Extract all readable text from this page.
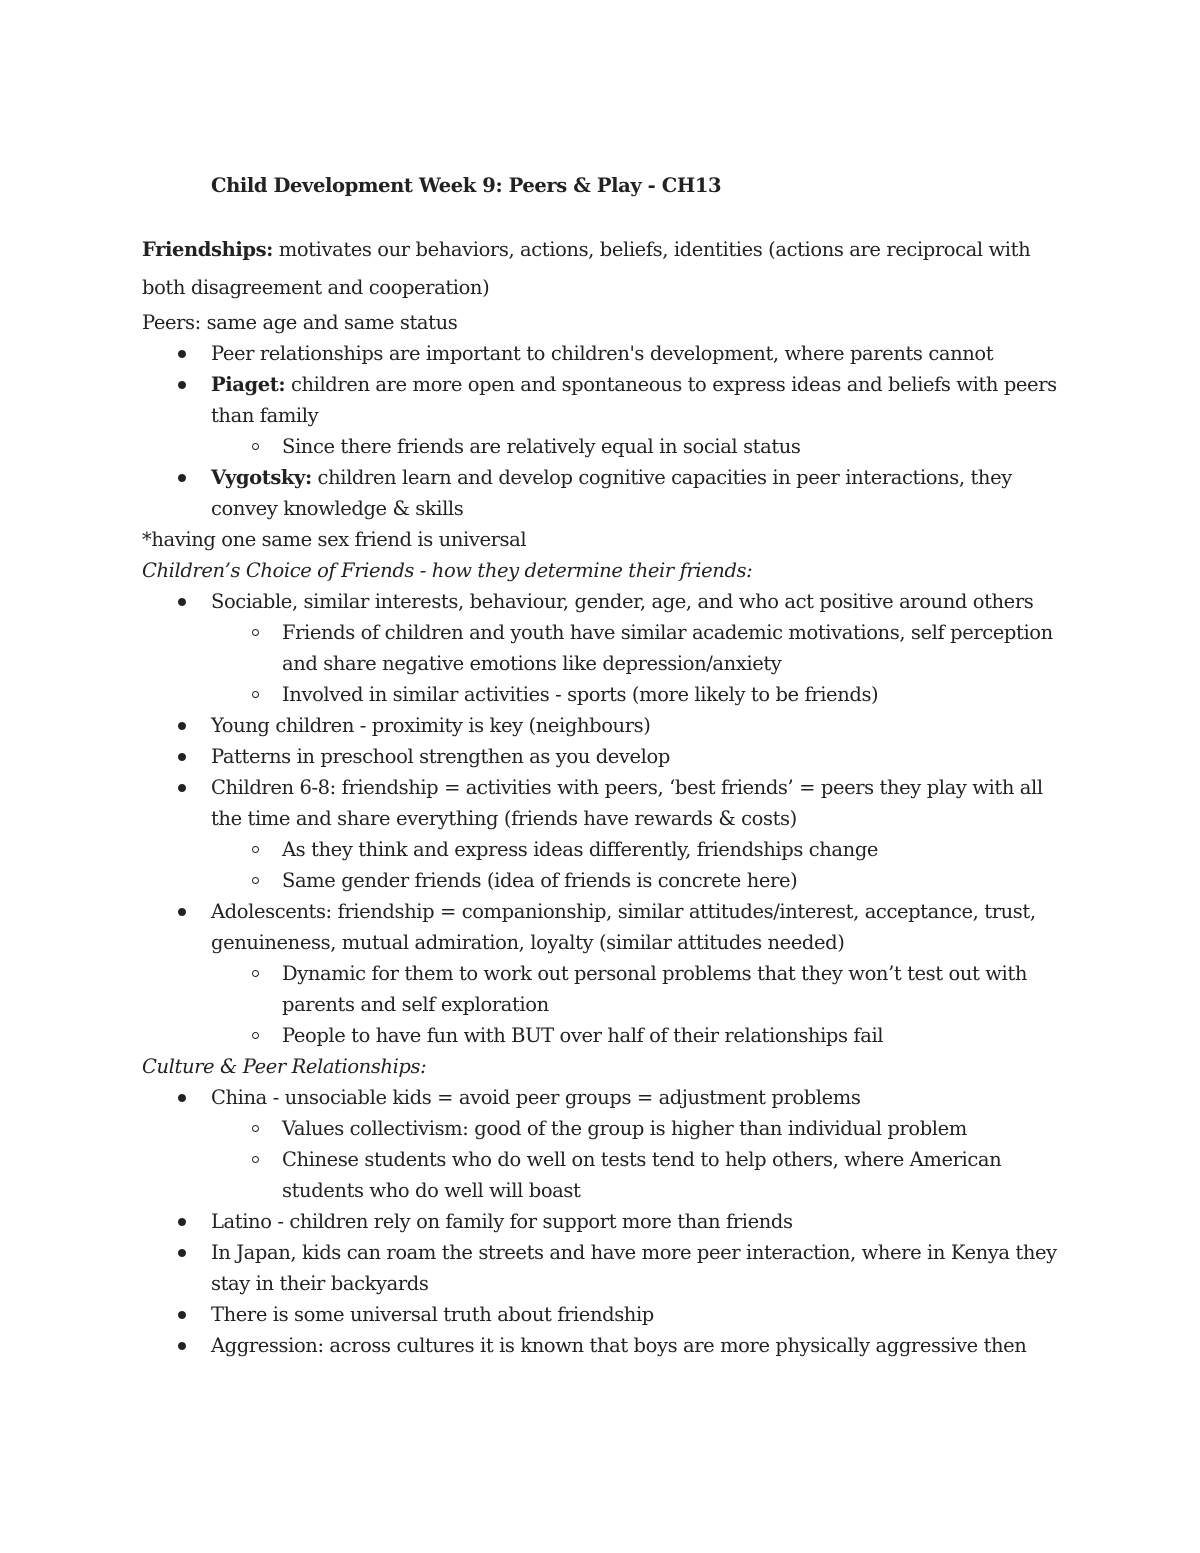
Child Development Week 9: Peers & Play - CH13

Friendships: motivates our behaviors, actions, beliefs, identities (actions are reciprocal with both disagreement and cooperation)

Peers: same age and same status

Peer relationships are important to children's development, where parents cannot
Piaget: children are more open and spontaneous to express ideas and beliefs with peers than family
Since there friends are relatively equal in social status
Vygotsky: children learn and develop cognitive capacities in peer interactions, they convey knowledge & skills

*having one same sex friend is universal

Children’s Choice of Friends - how they determine their friends:

Sociable, similar interests, behaviour, gender, age, and who act positive around others
Friends of children and youth have similar academic motivations, self perception and share negative emotions like depression/anxiety
Involved in similar activities - sports (more likely to be friends)
Young children - proximity is key (neighbours)
Patterns in preschool strengthen as you develop
Children 6-8: friendship = activities with peers, ‘best friends’ = peers they play with all the time and share everything (friends have rewards & costs)
As they think and express ideas differently, friendships change
Same gender friends (idea of friends is concrete here)
Adolescents: friendship = companionship, similar attitudes/interest, acceptance, trust, genuineness, mutual admiration, loyalty (similar attitudes needed)
Dynamic for them to work out personal problems that they won’t test out with parents and self exploration
People to have fun with BUT over half of their relationships fail

Culture & Peer Relationships:

China - unsociable kids = avoid peer groups = adjustment problems
Values collectivism: good of the group is higher than individual problem
Chinese students who do well on tests tend to help others, where American students who do well will boast
Latino - children rely on family for support more than friends
In Japan, kids can roam the streets and have more peer interaction, where in Kenya they stay in their backyards
There is some universal truth about friendship
Aggression: across cultures it is known that boys are more physically aggressive then
